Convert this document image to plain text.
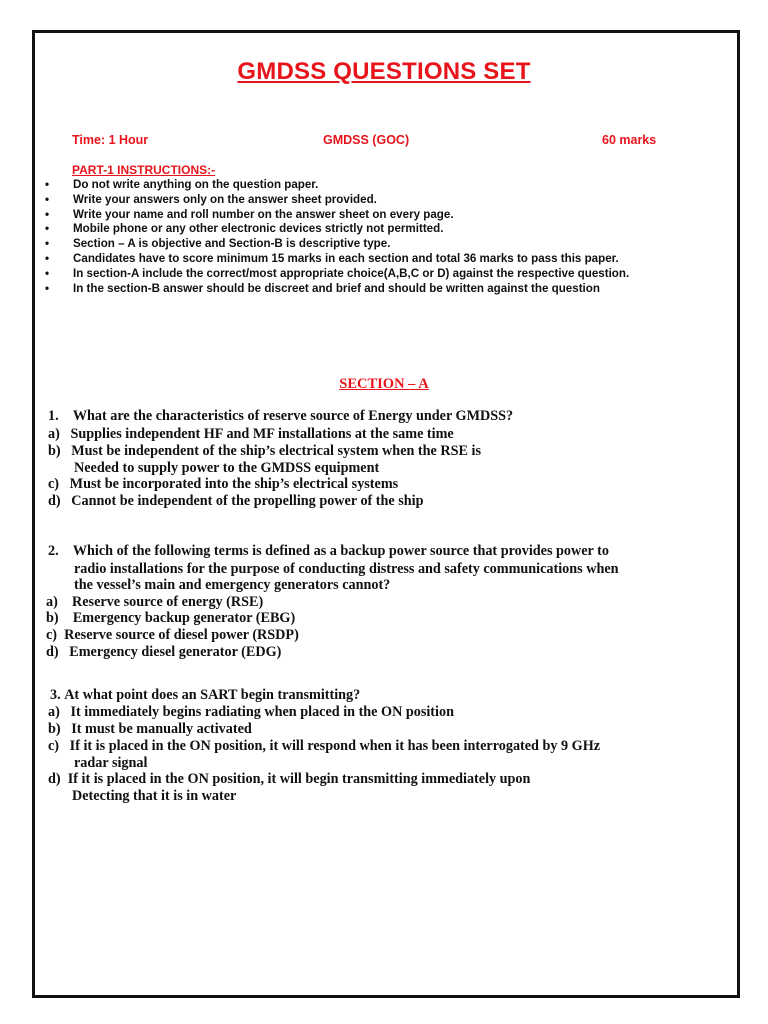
GMDSS QUESTIONS SET
Time: 1 Hour	GMDSS (GOC)	60 marks
PART-1 INSTRUCTIONS:-
• Do not write anything on the question paper.
• Write your answers only on the answer sheet provided.
• Write your name and roll number on the answer sheet on every page.
• Mobile phone or any other electronic devices strictly not permitted.
• Section – A is objective and Section-B is descriptive type.
• Candidates have to score minimum 15 marks in each section and total 36 marks to pass this paper.
• In section-A include the correct/most appropriate choice(A,B,C or D) against the respective question.
• In the section-B answer should be discreet and brief and should be written against the question
SECTION – A
1. What are the characteristics of reserve source of Energy under GMDSS?
a) Supplies independent HF and MF installations at the same time
b) Must be independent of the ship’s electrical system when the RSE is
Needed to supply power to the GMDSS equipment
c) Must be incorporated into the ship’s electrical systems
d) Cannot be independent of the propelling power of the ship
2. Which of the following terms is defined as a backup power source that provides power to
radio installations for the purpose of conducting distress and safety communications when
the vessel’s main and emergency generators cannot?
a) Reserve source of energy (RSE)
b) Emergency backup generator (EBG)
c) Reserve source of diesel power (RSDP)
d) Emergency diesel generator (EDG)
3. At what point does an SART begin transmitting?
a) It immediately begins radiating when placed in the ON position
b) It must be manually activated
c) If it is placed in the ON position, it will respond when it has been interrogated by 9 GHz
radar signal
d) If it is placed in the ON position, it will begin transmitting immediately upon
Detecting that it is in water
